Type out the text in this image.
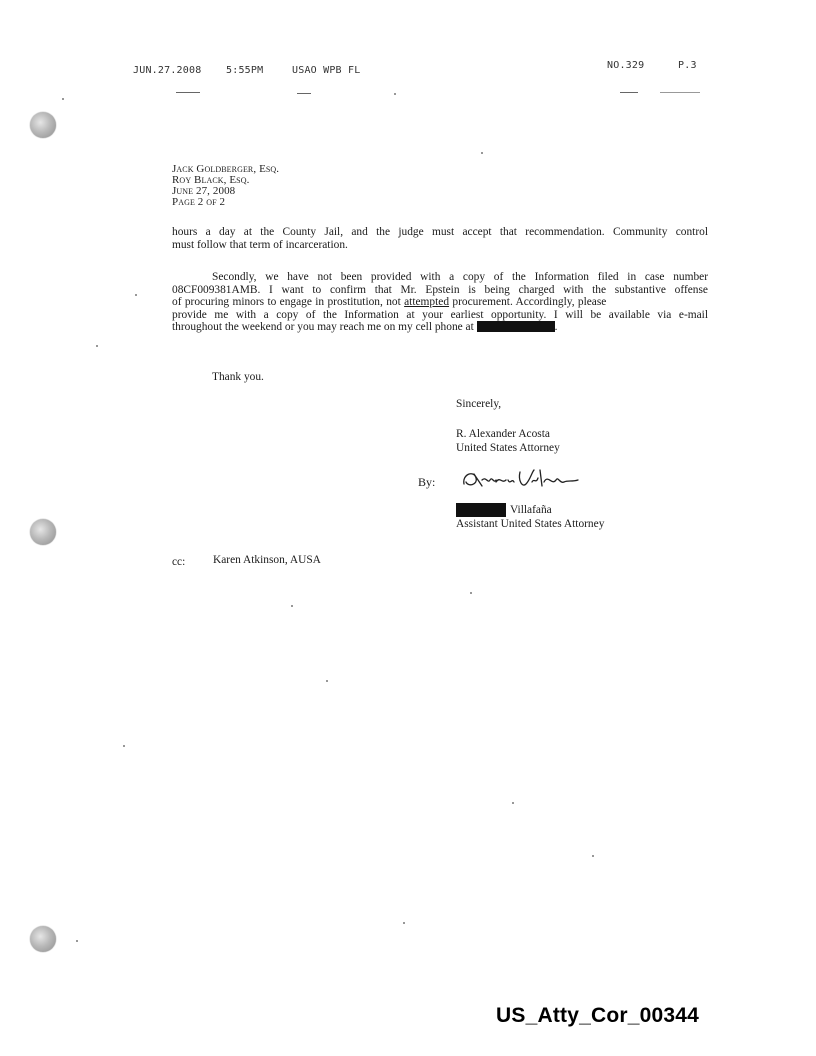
JUN.27.2008 5:55PM	USAO WPB FL	NO.329	P.3
Jack Goldberger, Esq.
Roy Black, Esq.
June 27, 2008
Page 2 of 2
hours a day at the County Jail, and the judge must accept that recommendation. Community control
must follow that term of incarceration.
Secondly, we have not been provided with a copy of the Information filed in case number
08CF009381AMB. I want to confirm that Mr. Epstein is being charged with the substantive offense
of procuring minors to engage in prostitution, not attempted procurement. Accordingly, please
provide me with a copy of the Information at your earliest opportunity. I will be available via e-mail
throughout the weekend or you may reach me on my cell phone at	.
Thank you.
Sincerely,
R. Alexander Acosta
United States Attorney
By:
Villafaña
Assistant United States Attorney
cc: Karen Atkinson, AUSA
US_Atty_Cor_00344
